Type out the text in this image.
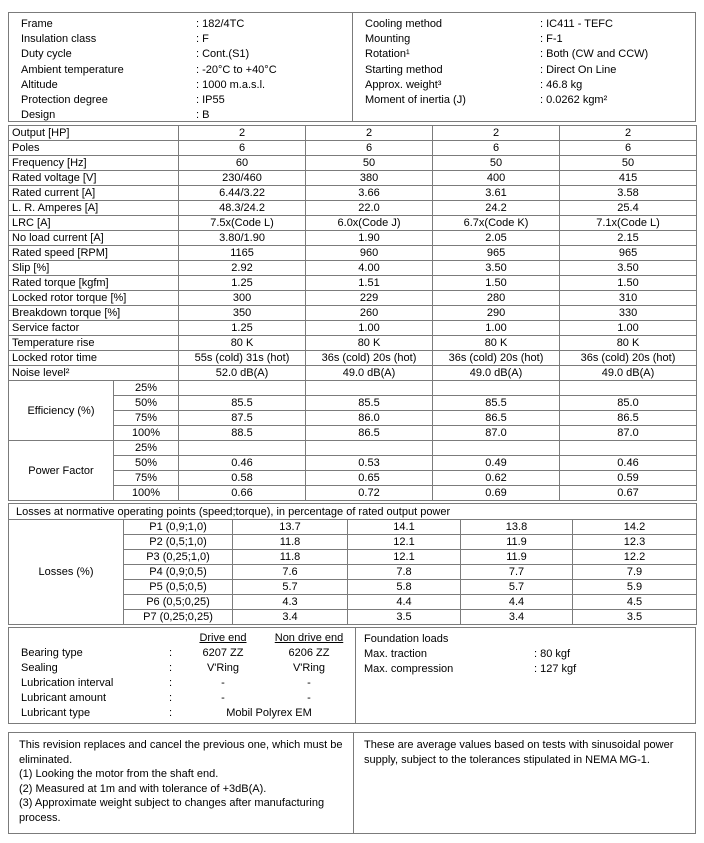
Frame	: 182/4TC
Insulation class	: F
Duty cycle	: Cont.(S1)
Ambient temperature	: -20°C to +40°C
Altitude	: 1000 m.a.s.l.
Protection degree	: IP55
Design	: B
Cooling method	: IC411 - TEFC
Mounting	: F-1
Rotation¹	: Both (CW and CCW)
Starting method	: Direct On Line
Approx. weight³	: 46.8 kg
Moment of inertia (J)	: 0.0262 kgm²
Output [HP]		2	2	2	2
Poles		6	6	6	6
Frequency [Hz]		60	50	50	50
Rated voltage [V]		230/460	380	400	415
Rated current [A]		6.44/3.22	3.66	3.61	3.58
L. R. Amperes [A]		48.3/24.2	22.0	24.2	25.4
LRC [A]		7.5x(Code L)	6.0x(Code J)	6.7x(Code K)	7.1x(Code L)
No load current [A]		3.80/1.90	1.90	2.05	2.15
Rated speed [RPM]		1165	960	965	965
Slip [%]		2.92	4.00	3.50	3.50
Rated torque [kgfm]		1.25	1.51	1.50	1.50
Locked rotor torque [%]		300	229	280	310
Breakdown torque [%]		350	260	290	330
Service factor		1.25	1.00	1.00	1.00
Temperature rise		80 K	80 K	80 K	80 K
Locked rotor time		55s (cold) 31s (hot)	36s (cold) 20s (hot)	36s (cold) 20s (hot)	36s (cold) 20s (hot)
Noise level²		52.0 dB(A)	49.0 dB(A)	49.0 dB(A)	49.0 dB(A)
Efficiency (%)	25%				
	50%	85.5	85.5	85.5	85.0
	75%	87.5	86.0	86.5	86.5
	100%	88.5	86.5	87.0	87.0
Power Factor	25%				
	50%	0.46	0.53	0.49	0.46
	75%	0.58	0.65	0.62	0.59
	100%	0.66	0.72	0.69	0.67
Losses at normative operating points (speed;torque), in percentage of rated output power					
Losses (%)	P1 (0,9;1,0)	13.7	14.1	13.8	14.2
	P2 (0,5;1,0)	11.8	12.1	11.9	12.3
	P3 (0,25;1,0)	11.8	12.1	11.9	12.2
	P4 (0,9;0,5)	7.6	7.8	7.7	7.9
	P5 (0,5;0,5)	5.7	5.8	5.7	5.9
	P6 (0,5;0,25)	4.3	4.4	4.4	4.5
	P7 (0,25;0,25)	3.4	3.5	3.4	3.5
Drive end	Non drive end
Bearing type	:	6207 ZZ	6206 ZZ
Sealing	:	V'Ring	V'Ring
Lubrication interval	:	-	-
Lubricant amount	:	-	-
Lubricant type	:	Mobil Polyrex EM
Foundation loads
Max. traction	: 80 kgf
Max. compression	: 127 kgf
This revision replaces and cancel the previous one, which must be eliminated.
(1) Looking the motor from the shaft end.
(2) Measured at 1m and with tolerance of +3dB(A).
(3) Approximate weight subject to changes after manufacturing process.
These are average values based on tests with sinusoidal power supply, subject to the tolerances stipulated in NEMA MG-1.
